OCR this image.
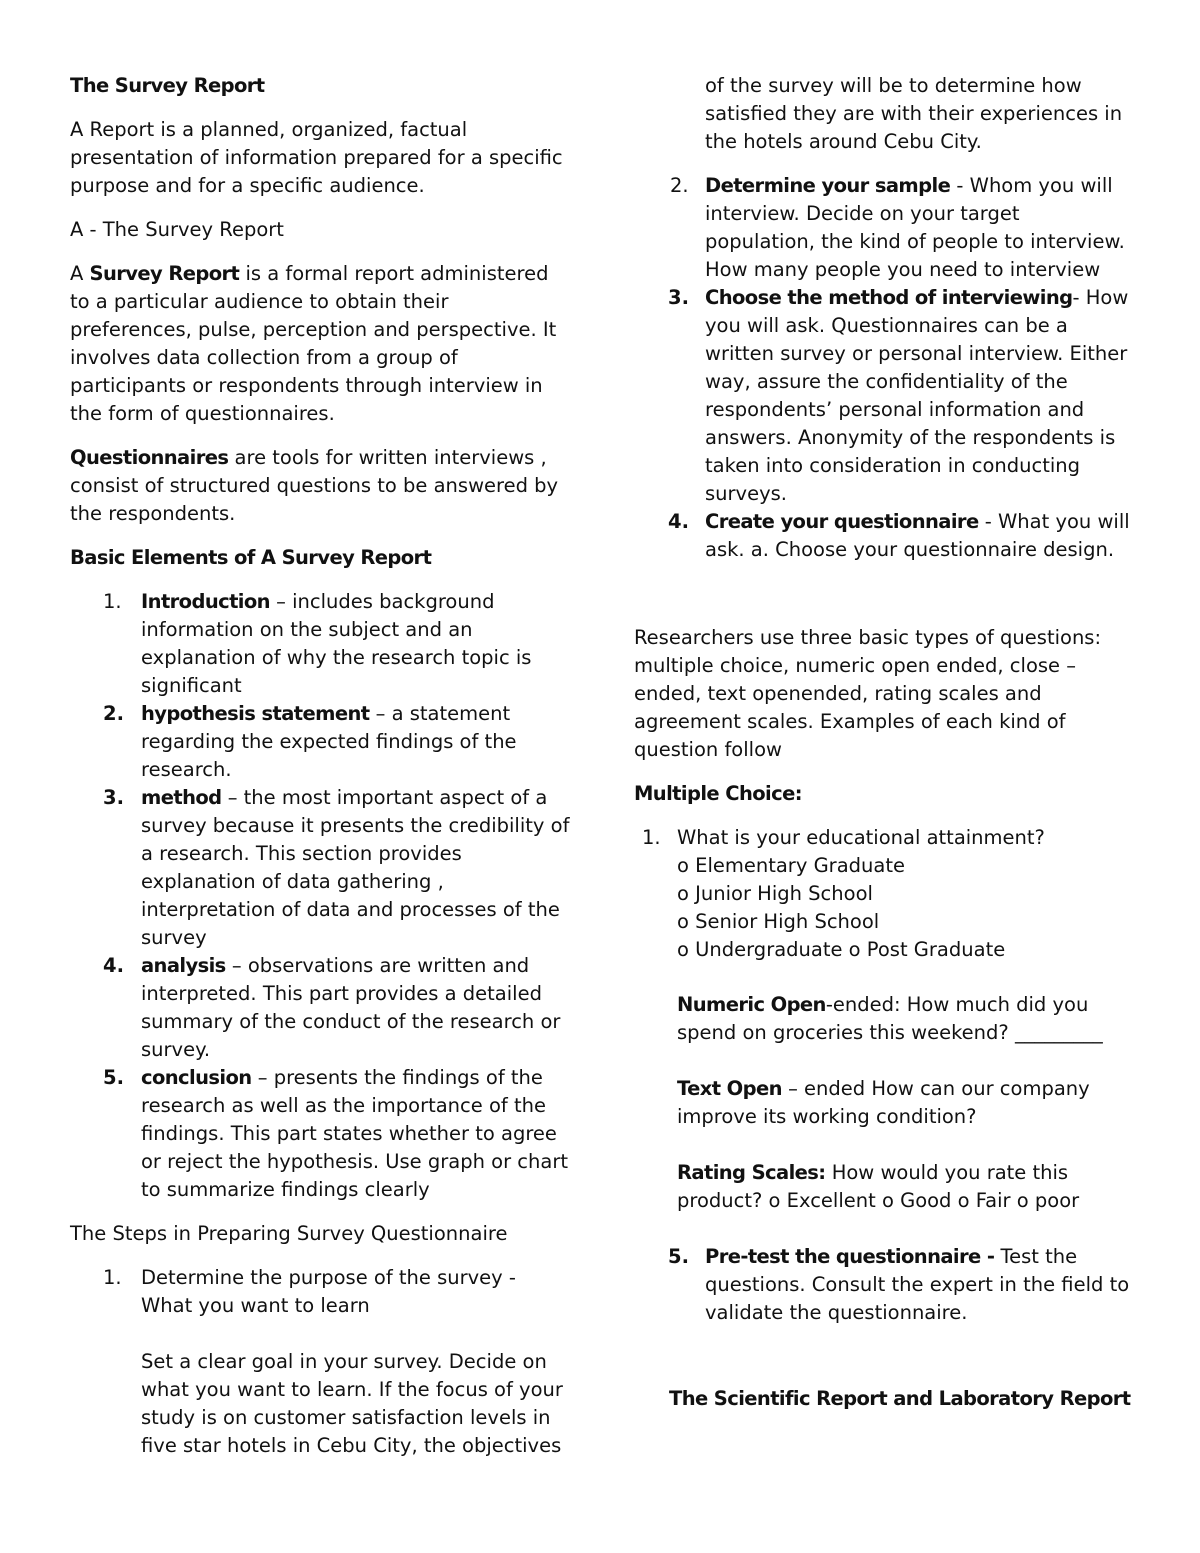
The Survey Report

A Report is a planned, organized, factual presentation of information prepared for a specific purpose and for a specific audience.

A - The Survey Report

A Survey Report is a formal report administered to a particular audience to obtain their preferences, pulse, perception and perspective. It involves data collection from a group of participants or respondents through interview in the form of questionnaires.

Questionnaires are tools for written interviews , consist of structured questions to be answered by the respondents.

Basic Elements of A Survey Report

1. Introduction – includes background information on the subject and an explanation of why the research topic is significant
2. hypothesis statement – a statement regarding the expected findings of the research.
3. method – the most important aspect of a survey because it presents the credibility of a research. This section provides explanation of data gathering , interpretation of data and processes of the survey
4. analysis – observations are written and interpreted. This part provides a detailed summary of the conduct of the research or survey.
5. conclusion – presents the findings of the research as well as the importance of the findings. This part states whether to agree or reject the hypothesis. Use graph or chart to summarize findings clearly

The Steps in Preparing Survey Questionnaire

1. Determine the purpose of the survey - What you want to learn

Set a clear goal in your survey. Decide on what you want to learn. If the focus of your study is on customer satisfaction levels in five star hotels in Cebu City, the objectives

of the survey will be to determine how satisfied they are with their experiences in the hotels around Cebu City.

2. Determine your sample - Whom you will interview. Decide on your target population, the kind of people to interview. How many people you need to interview
3. Choose the method of interviewing- How you will ask. Questionnaires can be a written survey or personal interview. Either way, assure the confidentiality of the respondents’ personal information and answers. Anonymity of the respondents is taken into consideration in conducting surveys.
4. Create your questionnaire - What you will ask. a. Choose your questionnaire design.

Researchers use three basic types of questions: multiple choice, numeric open ended, close – ended, text openended, rating scales and agreement scales. Examples of each kind of question follow

Multiple Choice:

1. What is your educational attainment?

o Elementary Graduate

o Junior High School

o Senior High School

o Undergraduate o Post Graduate

Numeric Open-ended: How much did you spend on groceries this weekend? _________

Text Open – ended How can our company improve its working condition?

Rating Scales: How would you rate this product? o Excellent o Good o Fair o poor

5. Pre-test the questionnaire - Test the questions. Consult the expert in the field to validate the questionnaire.

The Scientific Report and Laboratory Report
